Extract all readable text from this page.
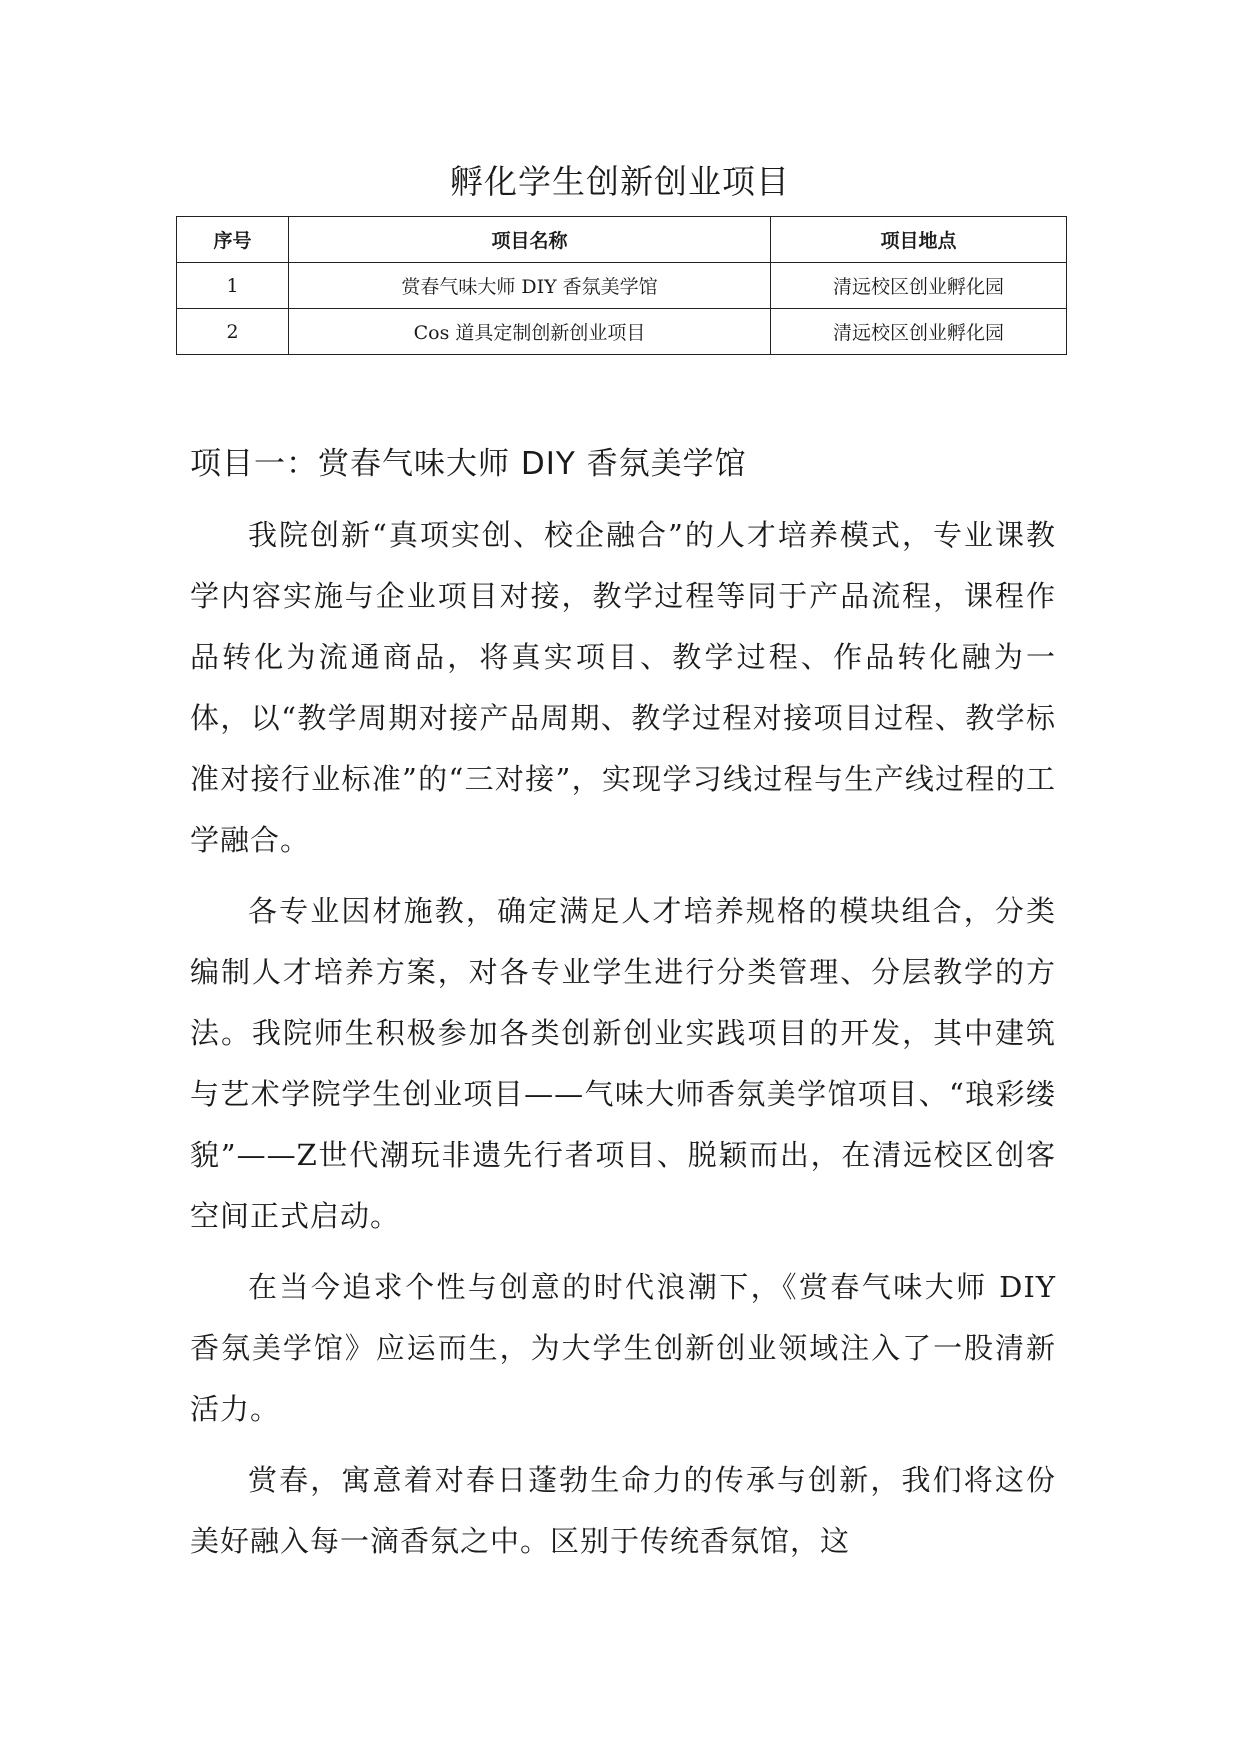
孵化学生创新创业项目
序号	项目名称	项目地点
1	赏春气味大师 DIY 香氛美学馆	清远校区创业孵化园
2	Cos 道具定制创新创业项目	清远校区创业孵化园
项目一：赏春气味大师 DIY 香氛美学馆

我院创新“真项实创、校企融合”的人才培养模式，专业课教学内容实施与企业项目对接，教学过程等同于产品流程，课程作品转化为流通商品，将真实项目、教学过程、作品转化融为一体，以“教学周期对接产品周期、教学过程对接项目过程、教学标准对接行业标准”的“三对接”，实现学习线过程与生产线过程的工学融合。

各专业因材施教，确定满足人才培养规格的模块组合，分类编制人才培养方案，对各专业学生进行分类管理、分层教学的方法。我院师生积极参加各类创新创业实践项目的开发，其中建筑与艺术学院学生创业项目——气味大师香氛美学馆项目、“琅彩缕貌”——Z世代潮玩非遗先行者项目、脱颖而出，在清远校区创客空间正式启动。

在当今追求个性与创意的时代浪潮下，《赏春气味大师 DIY 香氛美学馆》应运而生，为大学生创新创业领域注入了一股清新活力。

赏春，寓意着对春日蓬勃生命力的传承与创新，我们将这份美好融入每一滴香氛之中。区别于传统香氛馆，这
